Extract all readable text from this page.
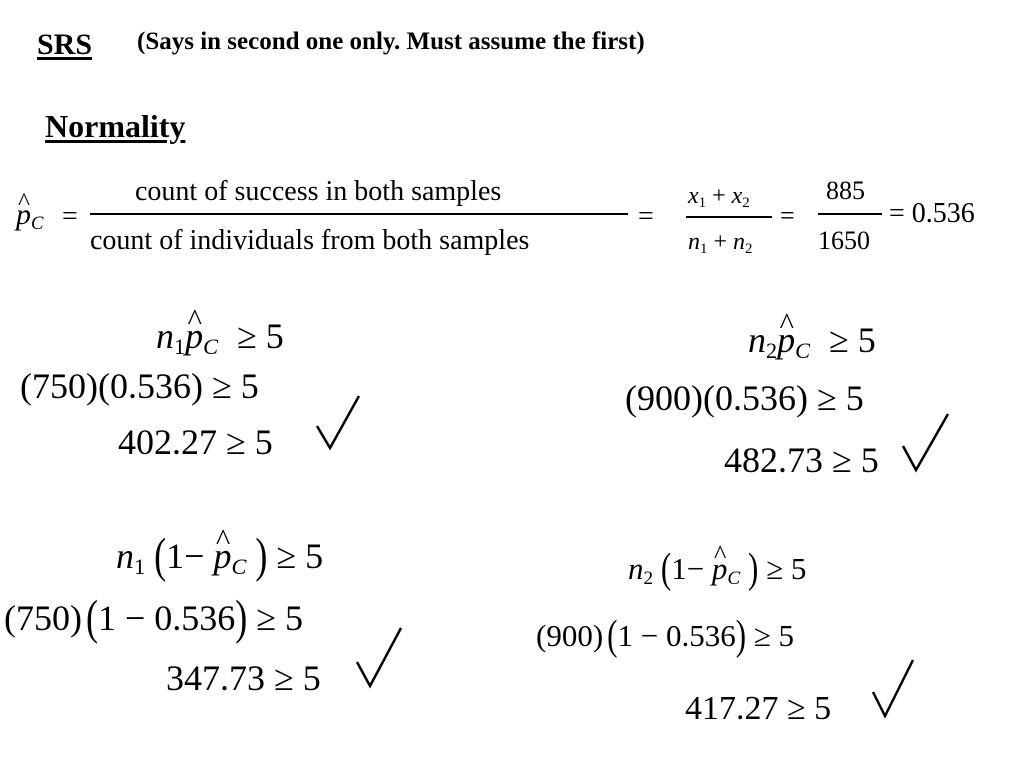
SRS (Says in second one only. Must assume the first)
Normality
^ pC =
count of success in both samples
count of individuals from both samples
=
x1 + x2
n1 + n2
=
885
1650
= 0.536
n1^ pC ≥ 5
(750)(0.536) ≥ 5
402.27 ≥ 5
n2^ pC ≥ 5
(900)(0.536) ≥ 5
482.73 ≥ 5
n1 (1− ^ pC ) ≥ 5
(750) (1 − 0.536) ≥ 5
347.73 ≥ 5
n2 (1− ^ pC ) ≥ 5
(900) (1 − 0.536) ≥ 5
417.27 ≥ 5
